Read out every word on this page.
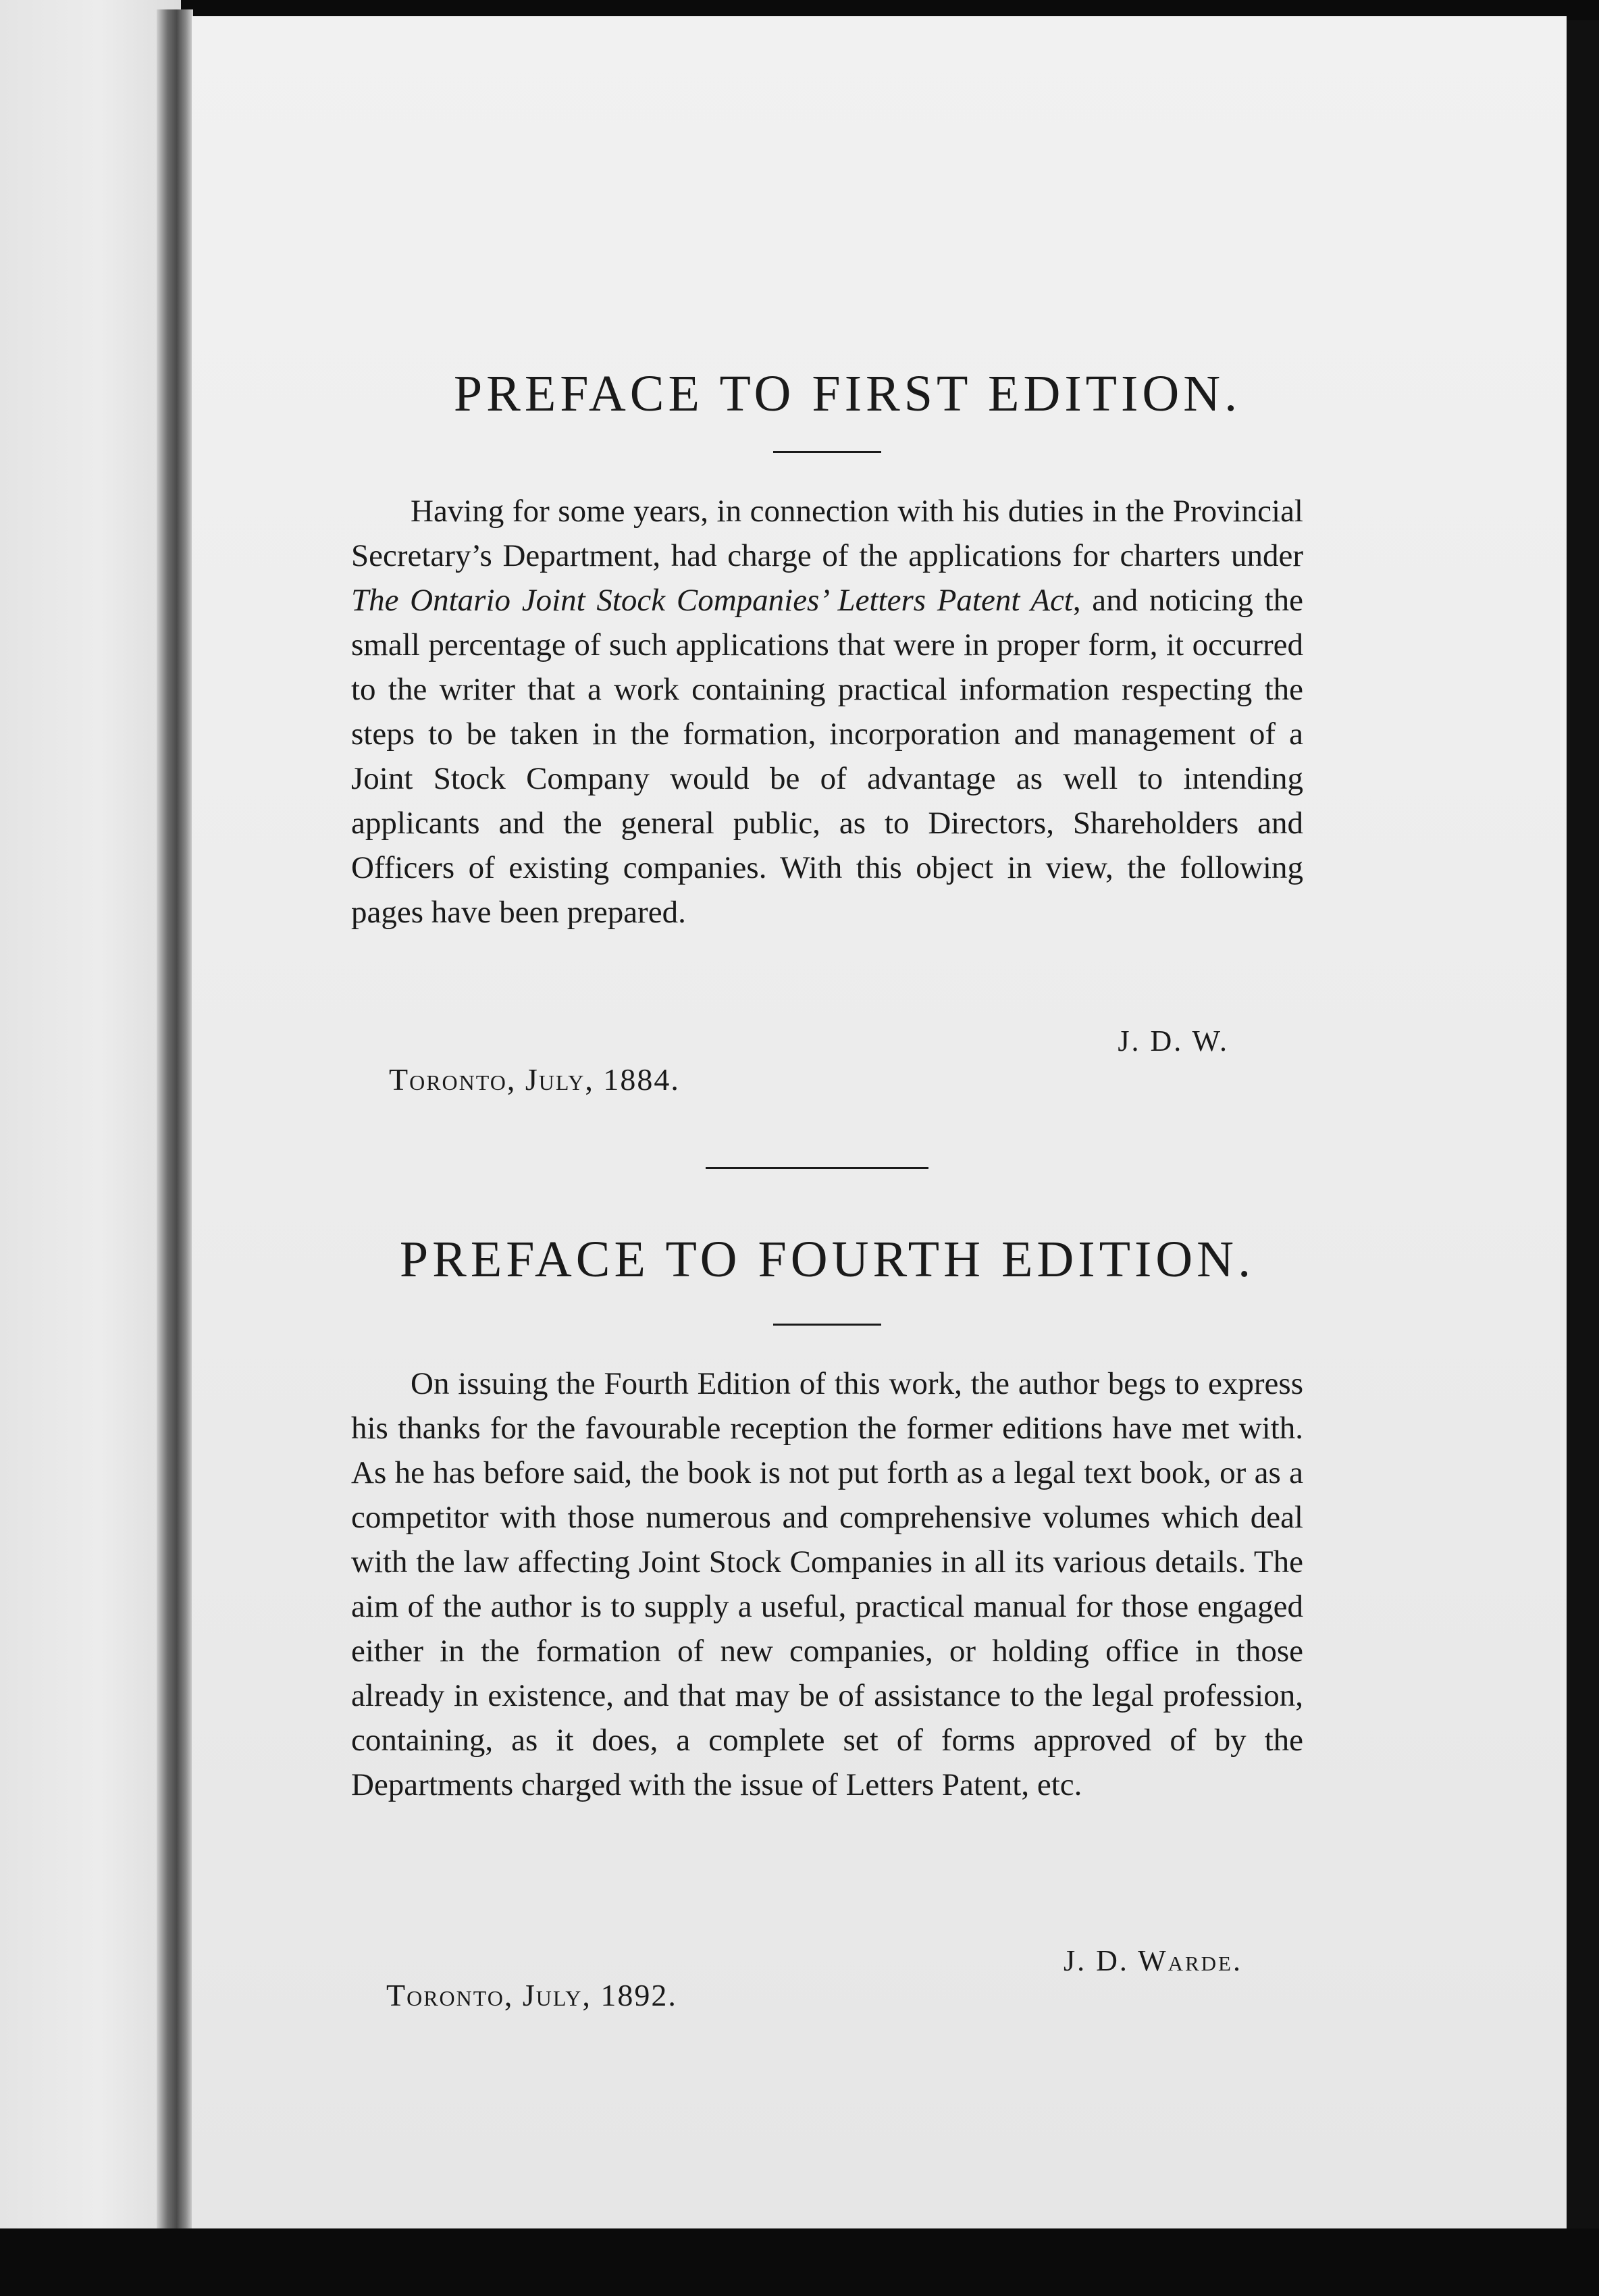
PREFACE TO FIRST EDITION.

Having for some years, in connection with his duties in the Provincial Secretary’s Department, had charge of the applications for charters under The Ontario Joint Stock Companies’ Letters Patent Act, and noticing the small percentage of such applications that were in proper form, it occurred to the writer that a work containing practical information respecting the steps to be taken in the formation, incorporation and management of a Joint Stock Company would be of advantage as well to intending applicants and the general public, as to Directors, Shareholders and Officers of existing companies. With this object in view, the following pages have been prepared.

J. D. W.

Toronto, July, 1884.

PREFACE TO FOURTH EDITION.

On issuing the Fourth Edition of this work, the author begs to express his thanks for the favourable reception the former editions have met with. As he has before said, the book is not put forth as a legal text book, or as a competitor with those numerous and comprehensive volumes which deal with the law affecting Joint Stock Companies in all its various details. The aim of the author is to supply a useful, practical manual for those engaged either in the formation of new companies, or holding office in those already in existence, and that may be of assistance to the legal profession, containing, as it does, a complete set of forms approved of by the Departments charged with the issue of Letters Patent, etc.

J. D. Warde.

Toronto, July, 1892.
